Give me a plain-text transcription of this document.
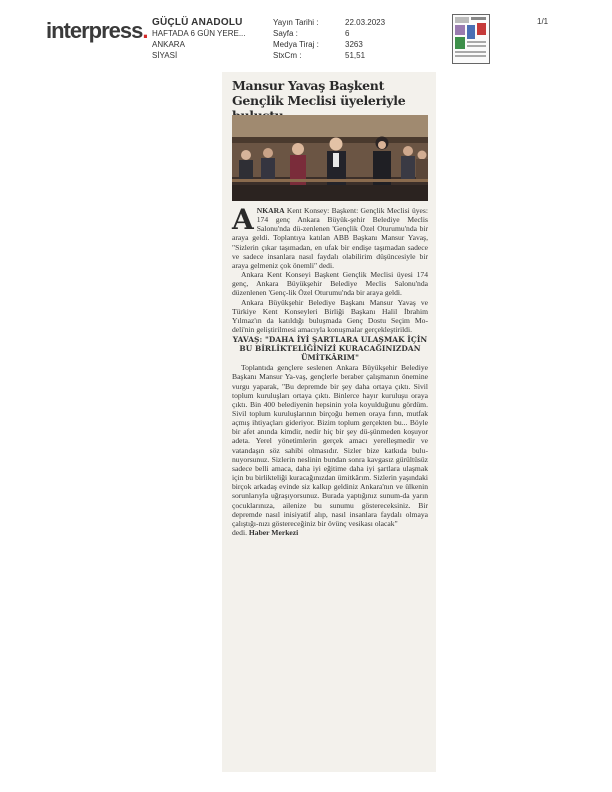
interpress. GÜÇLÜ ANADOLU
HAFTADA 6 GÜN YERE...
ANKARA
SİYASİ
Yayın Tarihi :
Sayfa :
Medya Tiraj :
StxCm :
22.03.2023
6
3263
51,51
1/1
Mansur Yavaş Başkent Gençlik Meclisi üyeleriyle

ANKARA Kent Konsey: Başkent: Gençlik Meclisi üyes: 174 genç Ankara Büyük-şehir Belediye Meclis Salonu'nda dü-zenlenen 'Gençlik Özel Oturumu'nda bir araya geldi. Toplantıya katılan ABB Başkanı Mansur Yavaş, "Sizlerin çıkar taşımadan, en ufak bir endişe taşımadan sadece ve sadece insanlara nasıl faydalı olabilirim düşüncesiyle bir araya gelmeniz çok önemli" dedi.

Ankara Kent Konseyi Başkent Gençlik Meclisi üyesi 174 genç, Ankara Büyükşehir Belediye Meclis Salonu'nda düzenlenen 'Genç-lik Özel Oturumu'nda bir araya geldi.

Ankara Büyükşehir Belediye Başkanı Mansur Yavaş ve Türkiye Kent Konseyleri Birliği Başkanı Halil İbrahim Yılmaz'ın da katıldığı buluşmada Genç Dostu Seçim Mo-deli'nin geliştirilmesi amacıyla konuşmalar gerçekleştirildi.

YAVAŞ: "DAHA İYİ ŞARTLARA ULAŞMAK İÇİN BU BİRLİKTELİĞİNİZİ KURACAĞINIZDAN ÜMİTKÂRIM"

Toplantıda gençlere seslenen Ankara Büyükşehir Belediye Başkanı Mansur Ya-vaş, gençlerle beraber çalışmanın önemine vurgu yaparak, "Bu depremde bir şey daha ortaya çıktı. Sivil toplum kuruluşları ortaya çıktı. Binlerce hayır kuruluşu oraya çıktı. Bin 400 belediyenin hepsinin yola koyulduğunu gördüm. Sivil toplum kuruluşlarının birçoğu hemen oraya fırın, mutfak açmış ihtiyaçları gideriyor. Bizim toplum gerçekten bu... Böyle bir afet anında kimdir, nedir hiç bir şey dü-şünmeden koşuyor adeta. Yerel yönetimlerin gerçek amacı yerelleşmedir ve vatandaşın söz sahibi olmasıdır. Sizler bize katkıda bulu-nuyorsunuz. Sizlerin neslinin bundan sonra kavgasız gürültüsüz sadece belli amaca, daha iyi eğitime daha iyi şartlara ulaşmak için bu birlikteliği kuracağınızdan ümitkârım. Sizlerin yaşındaki birçok arkadaş evinde siz kalkıp geldiniz Ankara'nın ve ülkenin sorunlarıyla uğraşıyorsunuz. Burada yaptığınız sunum-da yarın çocuklarınıza, ailenize bu sunumu göstereceksiniz. Bir depremde nasıl inisiyatif alıp, nasıl insanlara faydalı olmaya çalıştığı-nızı göstereceğiniz bir övünç vesikası olacak"

dedi. Haber Merkezi
